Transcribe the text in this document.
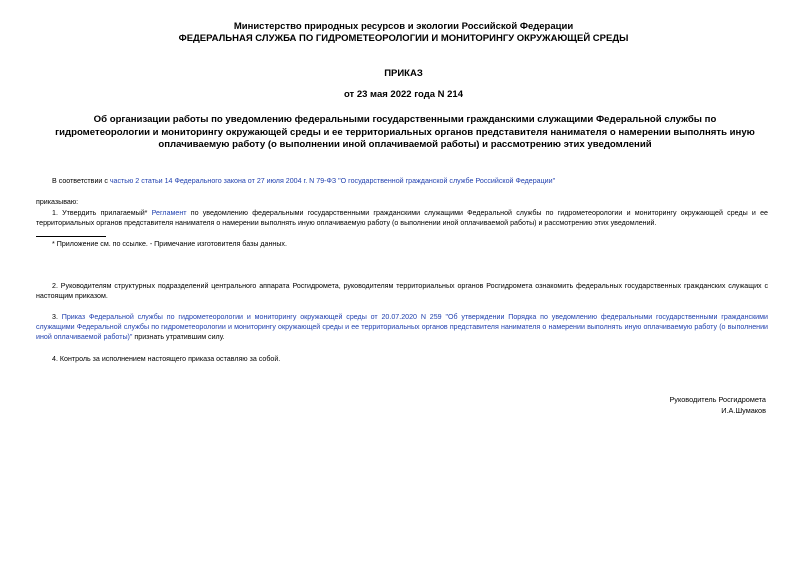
Министерство природных ресурсов и экологии Российской Федерации
ФЕДЕРАЛЬНАЯ СЛУЖБА ПО ГИДРОМЕТЕОРОЛОГИИ И МОНИТОРИНГУ ОКРУЖАЮЩЕЙ СРЕДЫ
ПРИКАЗ
от 23 мая 2022 года N 214
Об организации работы по уведомлению федеральными государственными гражданскими служащими Федеральной службы по гидрометеорологии и мониторингу окружающей среды и ее территориальных органов представителя нанимателя о намерении выполнять иную оплачиваемую работу (о выполнении иной оплачиваемой работы) и рассмотрению этих уведомлений
В соответствии с частью 2 статьи 14 Федерального закона от 27 июля 2004 г. N 79-ФЗ "О государственной гражданской службе Российской Федерации"
приказываю:
1. Утвердить прилагаемый* Регламент по уведомлению федеральными государственными гражданскими служащими Федеральной службы по гидрометеорологии и мониторингу окружающей среды и ее территориальных органов представителя нанимателя о намерении выполнять иную оплачиваемую работу (о выполнении иной оплачиваемой работы) и рассмотрению этих уведомлений.
* Приложение см. по ссылке. - Примечание изготовителя базы данных.
2. Руководителям структурных подразделений центрального аппарата Росгидромета, руководителям территориальных органов Росгидромета ознакомить федеральных государственных гражданских служащих с настоящим приказом.
3. Приказ Федеральной службы по гидрометеорологии и мониторингу окружающей среды от 20.07.2020 N 259 "Об утверждении Порядка по уведомлению федеральными государственными гражданскими служащими Федеральной службы по гидрометеорологии и мониторингу окружающей среды и ее территориальных органов представителя нанимателя о намерении выполнять иную оплачиваемую работу (о выполнении иной оплачиваемой работы)" признать утратившим силу.
4. Контроль за исполнением настоящего приказа оставляю за собой.
Руководитель Росгидромета
И.А.Шумаков
